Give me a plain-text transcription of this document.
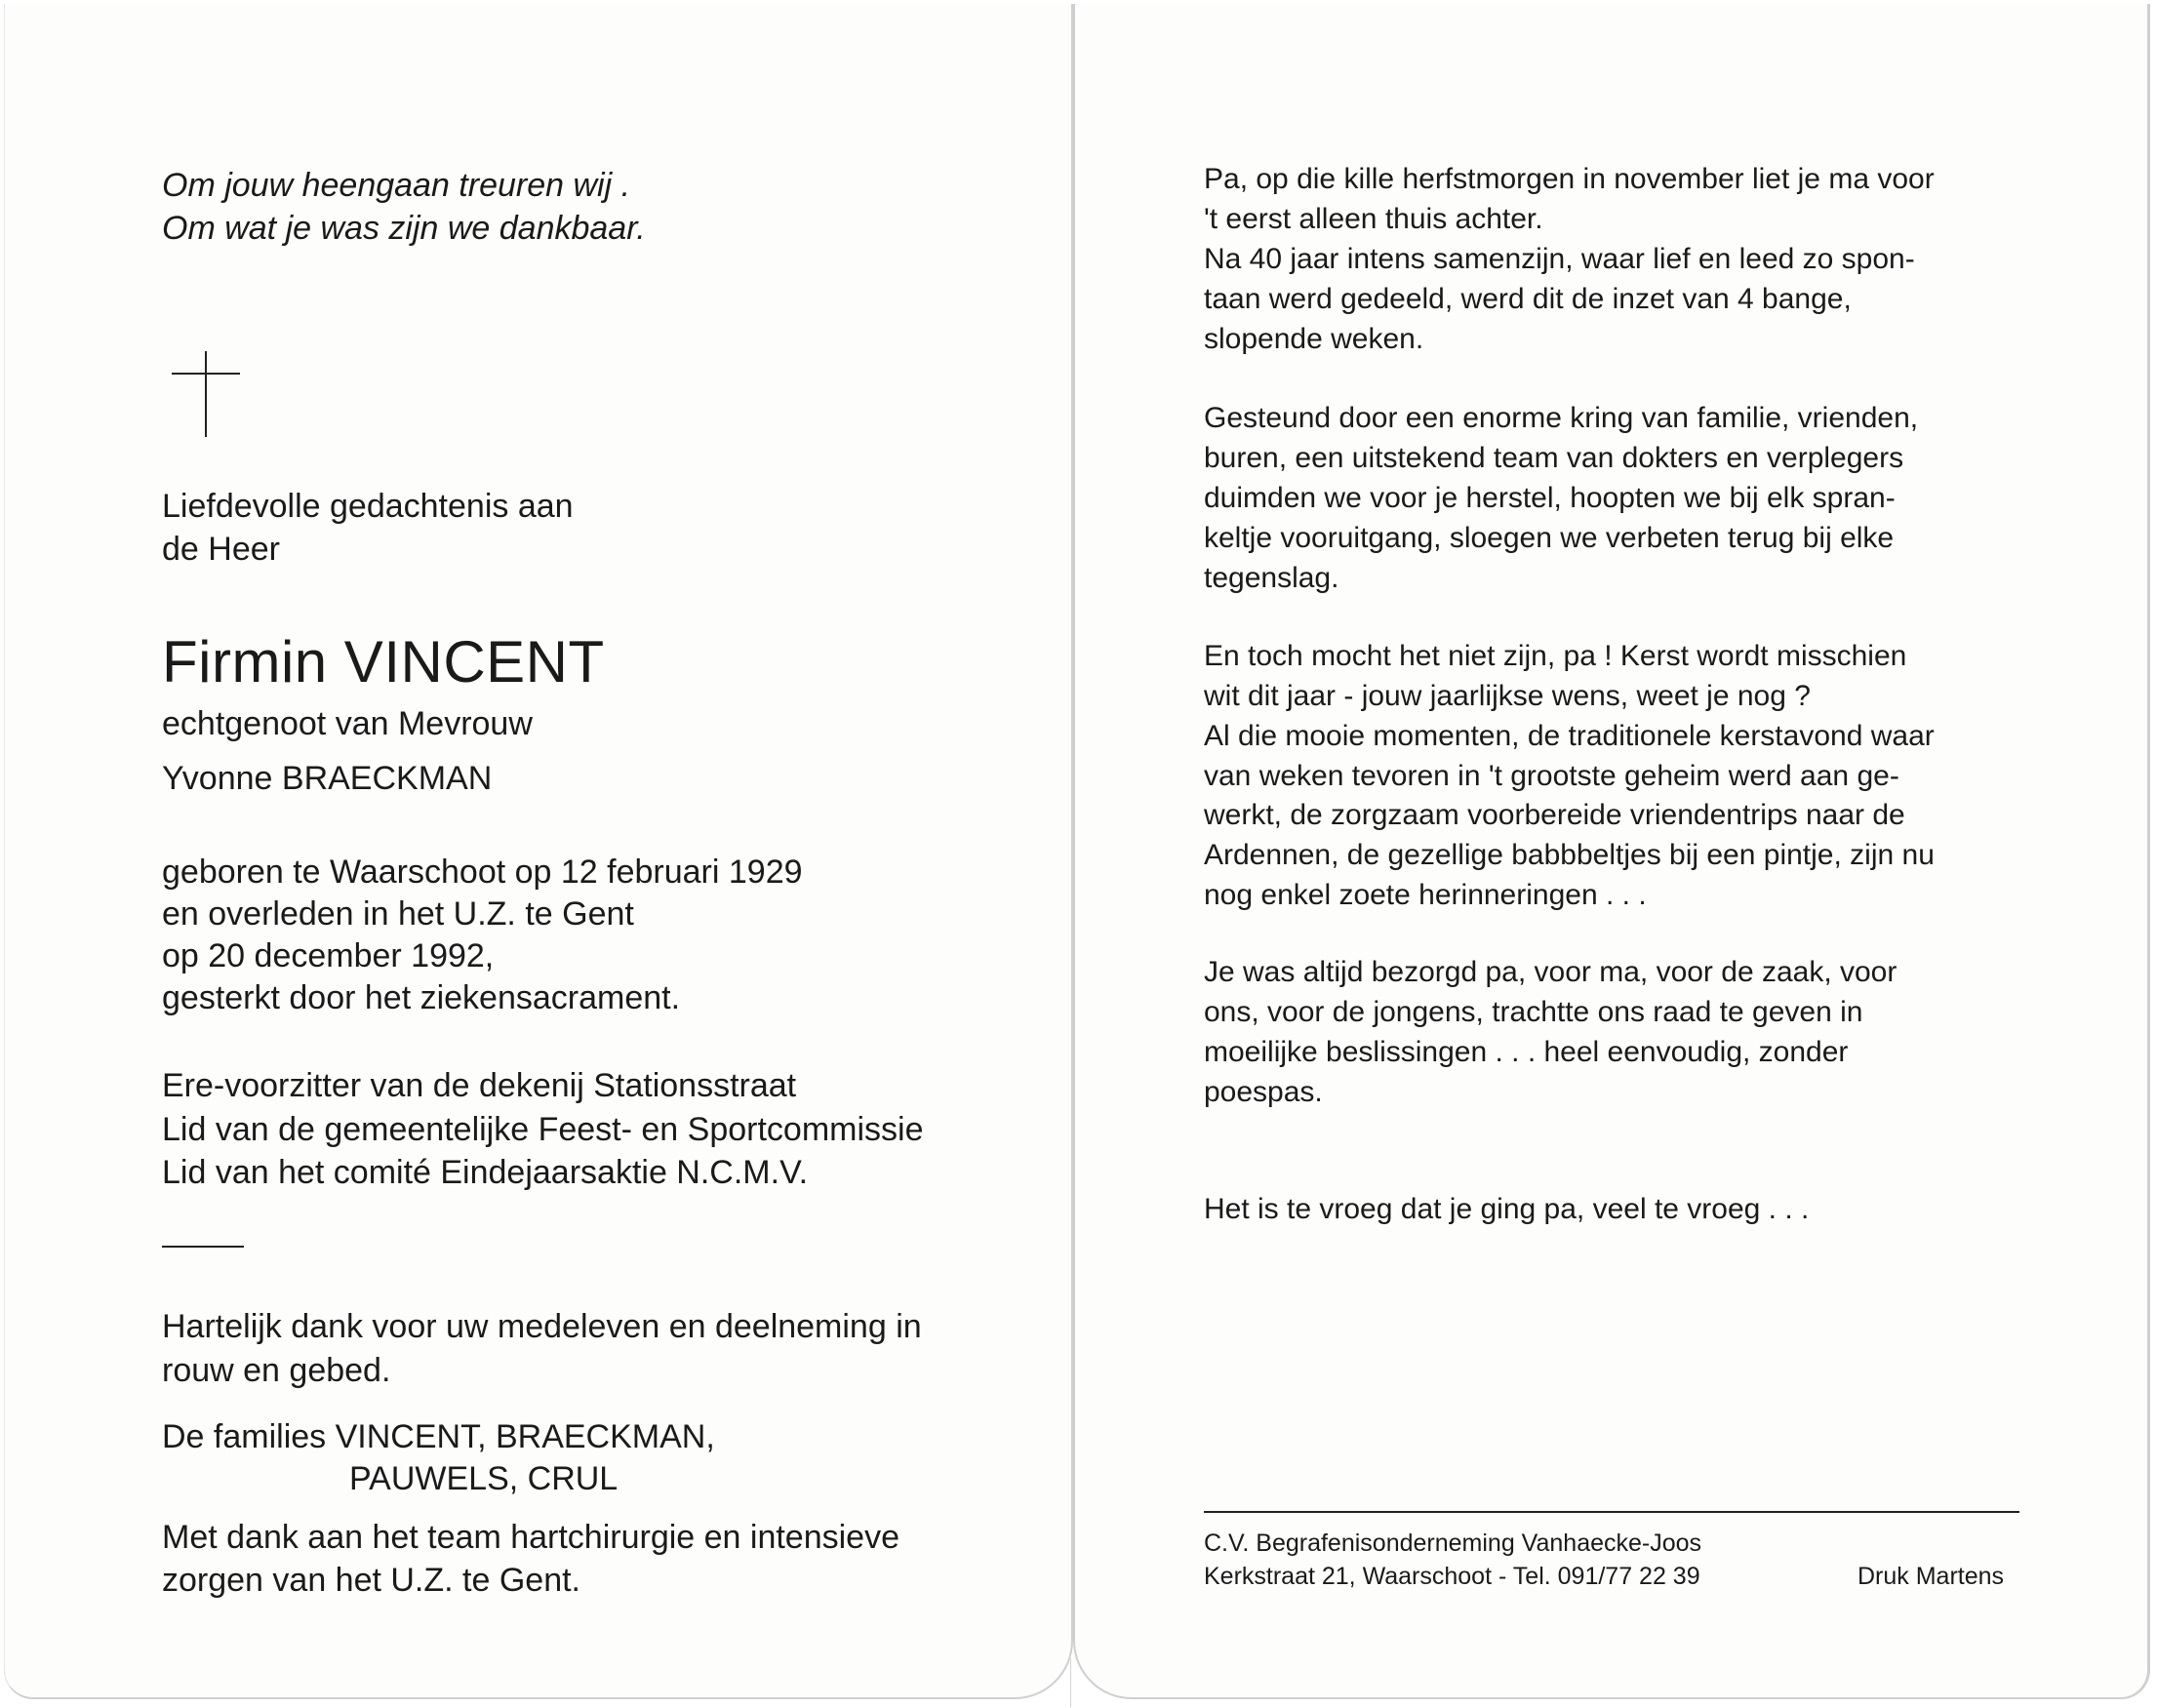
Om jouw heengaan treuren wij .

Om wat je was zijn we dankbaar.

Liefdevolle gedachtenis aan
de Heer
Firmin VINCENT
echtgenoot van Mevrouw
Yvonne BRAECKMAN
geboren te Waarschoot op 12 februari 1929
en overleden in het U.Z. te Gent
op 20 december 1992,
gesterkt door het ziekensacrament.
Ere-voorzitter van de dekenij Stationsstraat
Lid van de gemeentelijke Feest- en Sportcommissie
Lid van het comité Eindejaarsaktie N.C.M.V.
Hartelijk dank voor uw medeleven en deelneming in
rouw en gebed.
De families VINCENT, BRAECKMAN,
PAUWELS, CRUL
Met dank aan het team hartchirurgie en intensieve
zorgen van het U.Z. te Gent.
Pa, op die kille herfstmorgen in november liet je ma voor
't eerst alleen thuis achter.
Na 40 jaar intens samenzijn, waar lief en leed zo spon-
taan werd gedeeld, werd dit de inzet van 4 bange,
slopende weken.
Gesteund door een enorme kring van familie, vrienden,
buren, een uitstekend team van dokters en verplegers
duimden we voor je herstel, hoopten we bij elk spran-
keltje vooruitgang, sloegen we verbeten terug bij elke
tegenslag.
En toch mocht het niet zijn, pa ! Kerst wordt misschien
wit dit jaar - jouw jaarlijkse wens, weet je nog ?
Al die mooie momenten, de traditionele kerstavond waar
van weken tevoren in 't grootste geheim werd aan ge-
werkt, de zorgzaam voorbereide vriendentrips naar de
Ardennen, de gezellige babbbeltjes bij een pintje, zijn nu
nog enkel zoete herinneringen . . .
Je was altijd bezorgd pa, voor ma, voor de zaak, voor
ons, voor de jongens, trachtte ons raad te geven in
moeilijke beslissingen . . . heel eenvoudig, zonder
poespas.
Het is te vroeg dat je ging pa, veel te vroeg . . .
C.V. Begrafenisonderneming Vanhaecke-Joos
Kerkstraat 21, Waarschoot - Tel. 091/77 22 39	Druk Martens
